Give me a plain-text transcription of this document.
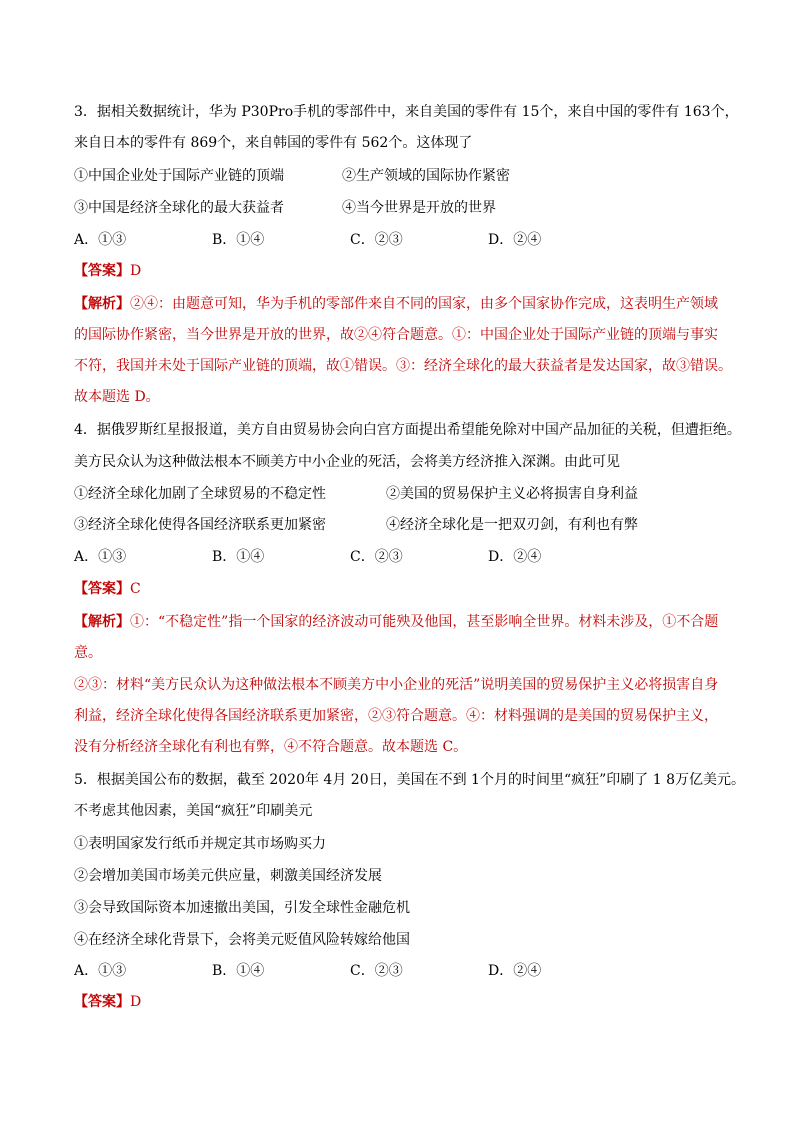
3．据相关数据统计，华为 P30Pro手机的零部件中，来自美国的零件有 15个，来自中国的零件有 163个，
来自日本的零件有 869个，来自韩国的零件有 562个。这体现了
①中国企业处于国际产业链的顶端	②生产领域的国际协作紧密
③中国是经济全球化的最大获益者	④当今世界是开放的世界
A．①③	B．①④	C．②③	D．②④
【答案】D
【解析】②④：由题意可知，华为手机的零部件来自不同的国家，由多个国家协作完成，这表明生产领域
的国际协作紧密，当今世界是开放的世界，故②④符合题意。①：中国企业处于国际产业链的顶端与事实
不符，我国并未处于国际产业链的顶端，故①错误。③：经济全球化的最大获益者是发达国家，故③错误。
故本题选 D。
4．据俄罗斯红星报报道，美方自由贸易协会向白宫方面提出希望能免除对中国产品加征的关税，但遭拒绝。
美方民众认为这种做法根本不顾美方中小企业的死活，会将美方经济推入深渊。由此可见
①经济全球化加剧了全球贸易的不稳定性	②美国的贸易保护主义必将损害自身利益
③经济全球化使得各国经济联系更加紧密	④经济全球化是一把双刃剑，有利也有弊
A．①③	B．①④	C．②③	D．②④
【答案】C
【解析】①：“不稳定性”指一个国家的经济波动可能殃及他国，甚至影响全世界。材料未涉及，①不合题
意。
②③：材料“美方民众认为这种做法根本不顾美方中小企业的死活”说明美国的贸易保护主义必将损害自身
利益，经济全球化使得各国经济联系更加紧密，②③符合题意。④：材料强调的是美国的贸易保护主义，
没有分析经济全球化有利也有弊，④不符合题意。故本题选 C。
5．根据美国公布的数据，截至 2020年 4月 20日，美国在不到 1个月的时间里“疯狂”印刷了 1 8万亿美元。
不考虑其他因素，美国“疯狂”印刷美元
①表明国家发行纸币并规定其市场购买力
②会增加美国市场美元供应量，刺激美国经济发展
③会导致国际资本加速撤出美国，引发全球性金融危机
④在经济全球化背景下，会将美元贬值风险转嫁给他国
A．①③	B．①④	C．②③	D．②④
【答案】D
